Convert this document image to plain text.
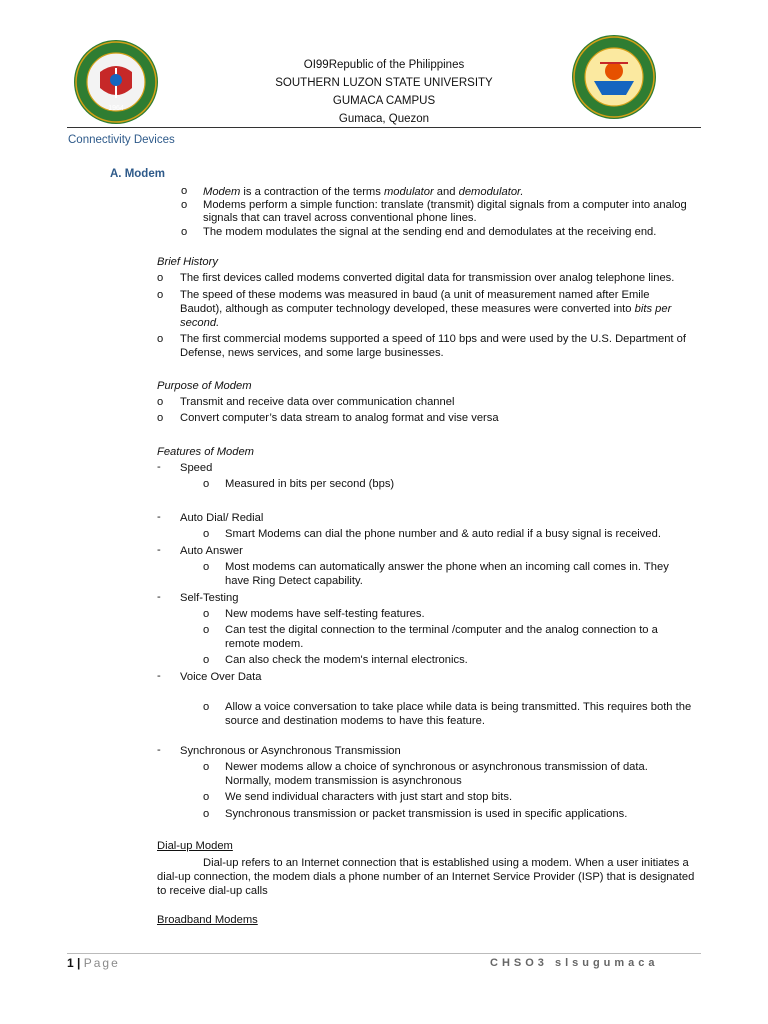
1964
OI99Republic of the Philippines
SOUTHERN LUZON STATE UNIVERSITY
GUMACA CAMPUS
Gumaca, Quezon
Connectivity Devices
A. Modem
o Modem is a contraction of the terms modulator and demodulator.
o Modems perform a simple function: translate (transmit) digital signals from a computer into analog
signals that can travel across conventional phone lines.
o The modem modulates the signal at the sending end and demodulates at the receiving end.
Brief History
o The first devices called modems converted digital data for transmission over analog telephone lines.
o The speed of these modems was measured in baud (a unit of measurement named after Emile
Baudot), although as computer technology developed, these measures were converted into bits per
second.
o The first commercial modems supported a speed of 110 bps and were used by the U.S. Department of
Defense, news services, and some large businesses.
Purpose of Modem
o Transmit and receive data over communication channel
o Convert computer’s data stream to analog format and vise versa
Features of Modem
- Speed
o Measured in bits per second (bps)
- Auto Dial/ Redial
o Smart Modems can dial the phone number and & auto redial if a busy signal is received.
- Auto Answer
o Most modems can automatically answer the phone when an incoming call comes in. They
have Ring Detect capability.
- Self-Testing
o New modems have self-testing features.
o Can test the digital connection to the terminal /computer and the analog connection to a
remote modem.
o Can also check the modem's internal electronics.
- Voice Over Data
o Allow a voice conversation to take place while data is being transmitted. This requires both the
source and destination modems to have this feature.
- Synchronous or Asynchronous Transmission
o Newer modems allow a choice of synchronous or asynchronous transmission of data.
Normally, modem transmission is asynchronous
o We send individual characters with just start and stop bits.
o Synchronous transmission or packet transmission is used in specific applications.
Dial-up Modem
Dial-up refers to an Internet connection that is established using a modem. When a user initiates a
dial-up connection, the modem dials a phone number of an Internet Service Provider (ISP) that is designated
to receive dial-up calls
Broadband Modems
1 | Page	CHSO3 slsugumaca
